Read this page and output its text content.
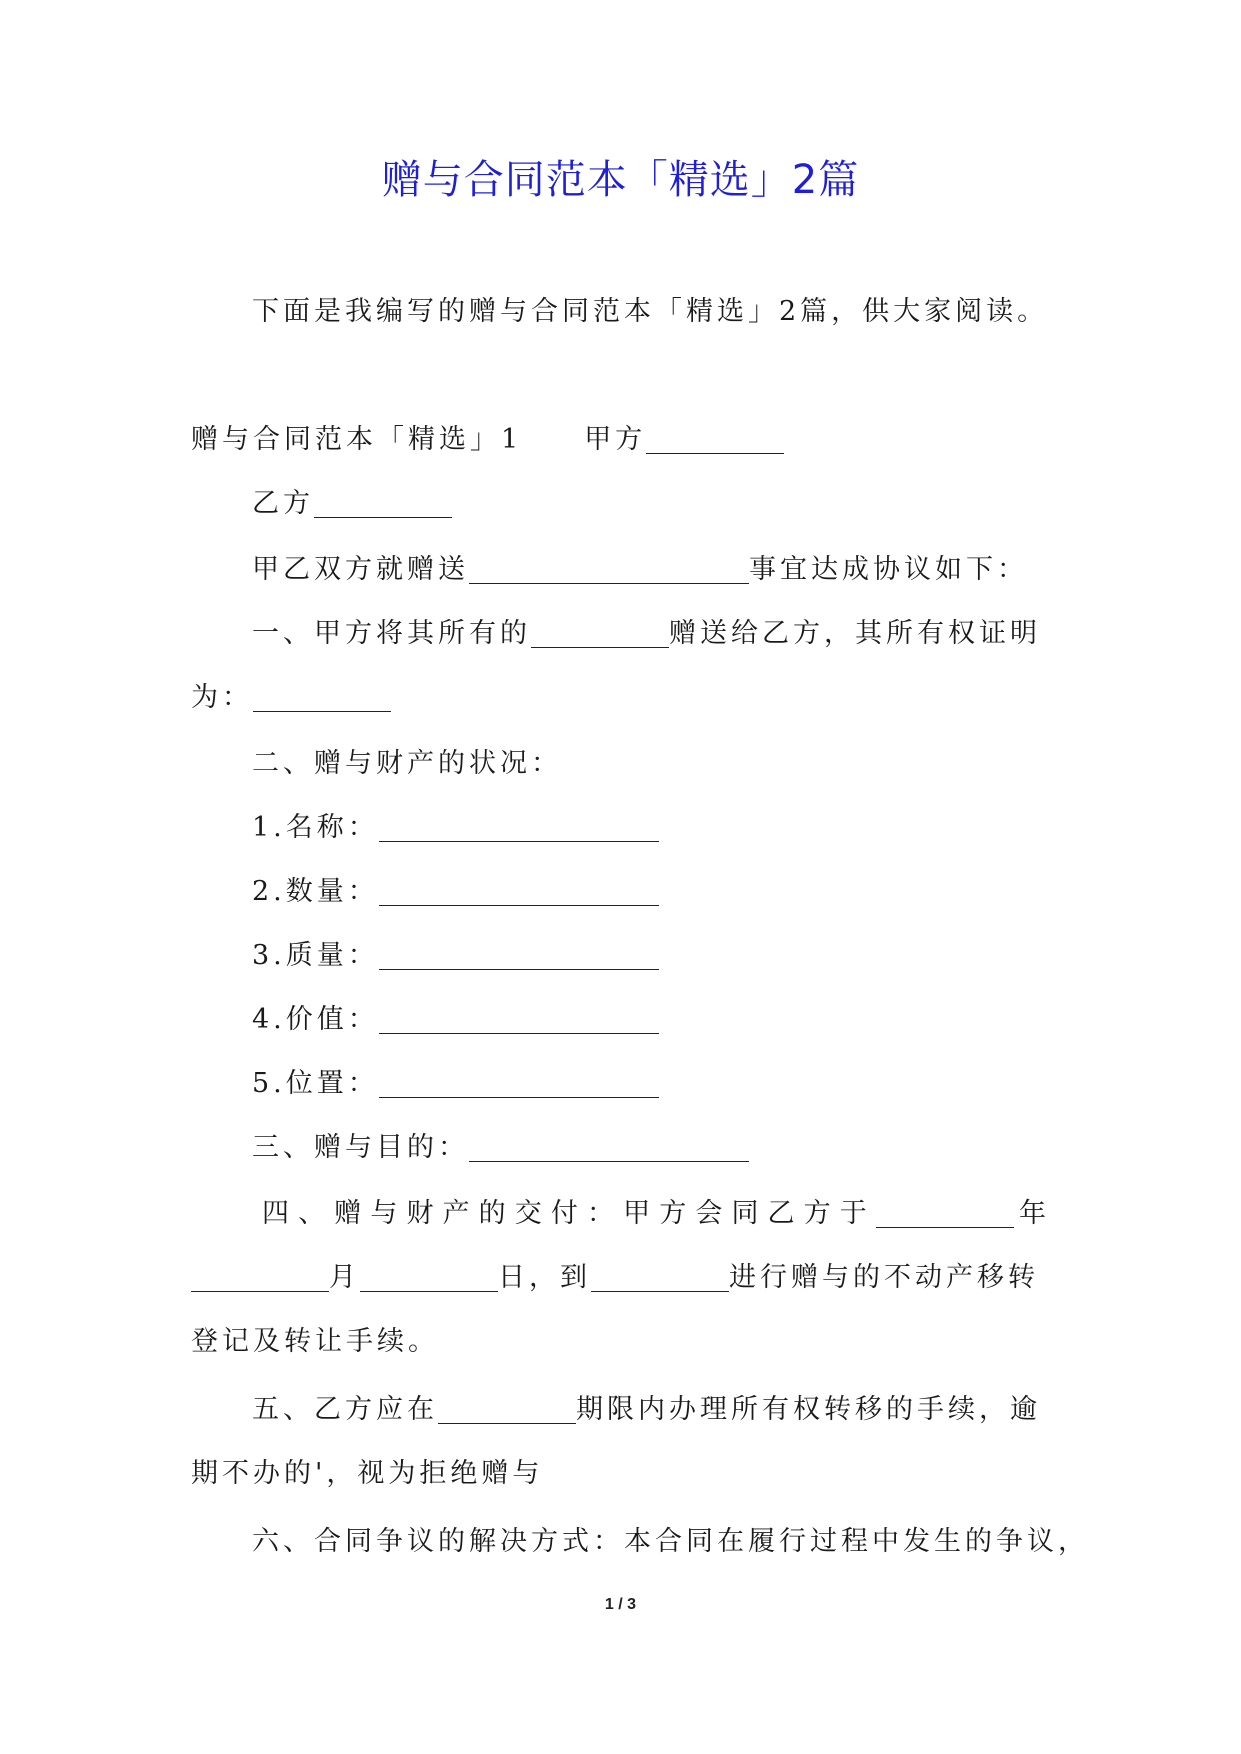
赠与合同范本「精选」2篇
下面是我编写的赠与合同范本「精选」2篇，供大家阅读。
赠与合同范本「精选」1 甲方
乙方
甲乙双方就赠送	事宜达成协议如下：
一、甲方将其所有的	赠送给乙方，其所有权证明
为：
二、赠与财产的状况：
1.名称：
2.数量：
3.质量：
4.价值：
5.位置：
三、赠与目的：
四、赠与财产的交付：甲方会同乙方于	年
月	日，到	进行赠与的不动产移转
登记及转让手续。
五、乙方应在	期限内办理所有权转移的手续，逾
期不办的'，视为拒绝赠与
六、合同争议的解决方式：本合同在履行过程中发生的争议，
1 / 3
